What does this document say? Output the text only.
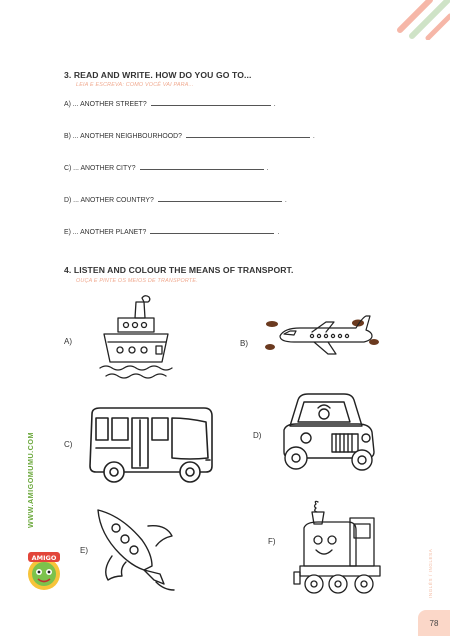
3. READ AND WRITE. HOW DO YOU GO TO...
LEIA E ESCREVA: COMO VOCÊ VAI PARA...
A) ... ANOTHER STREET?	.
B) ... ANOTHER NEIGHBOURHOOD?	.
C) ... ANOTHER CITY?	.
D) ... ANOTHER COUNTRY?	.
E) ... ANOTHER PLANET?	.
4. LISTEN AND COLOUR THE MEANS OF TRANSPORT.
OUÇA E PINTE OS MEIOS DE TRANSPORTE.
A)	B)
C)
D)
E)
F)
WWW.AMIGOMUMU.COM
INGLÊS / INGLESA
AMIGO
78
